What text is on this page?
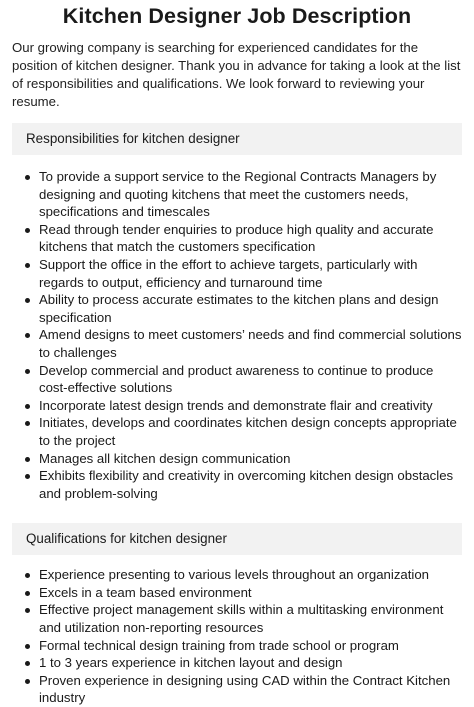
Kitchen Designer Job Description

Our growing company is searching for experienced candidates for the position of kitchen designer. Thank you in advance for taking a look at the list of responsibilities and qualifications. We look forward to reviewing your resume.

Responsibilities for kitchen designer
To provide a support service to the Regional Contracts Managers by designing and quoting kitchens that meet the customers needs, specifications and timescales
Read through tender enquiries to produce high quality and accurate kitchens that match the customers specification
Support the office in the effort to achieve targets, particularly with regards to output, efficiency and turnaround time
Ability to process accurate estimates to the kitchen plans and design specification
Amend designs to meet customers’ needs and find commercial solutions to challenges
Develop commercial and product awareness to continue to produce cost-effective solutions
Incorporate latest design trends and demonstrate flair and creativity
Initiates, develops and coordinates kitchen design concepts appropriate to the project
Manages all kitchen design communication
Exhibits flexibility and creativity in overcoming kitchen design obstacles and problem-solving
Qualifications for kitchen designer
Experience presenting to various levels throughout an organization
Excels in a team based environment
Effective project management skills within a multitasking environment and utilization non-reporting resources
Formal technical design training from trade school or program
1 to 3 years experience in kitchen layout and design
Proven experience in designing using CAD within the Contract Kitchen industry
